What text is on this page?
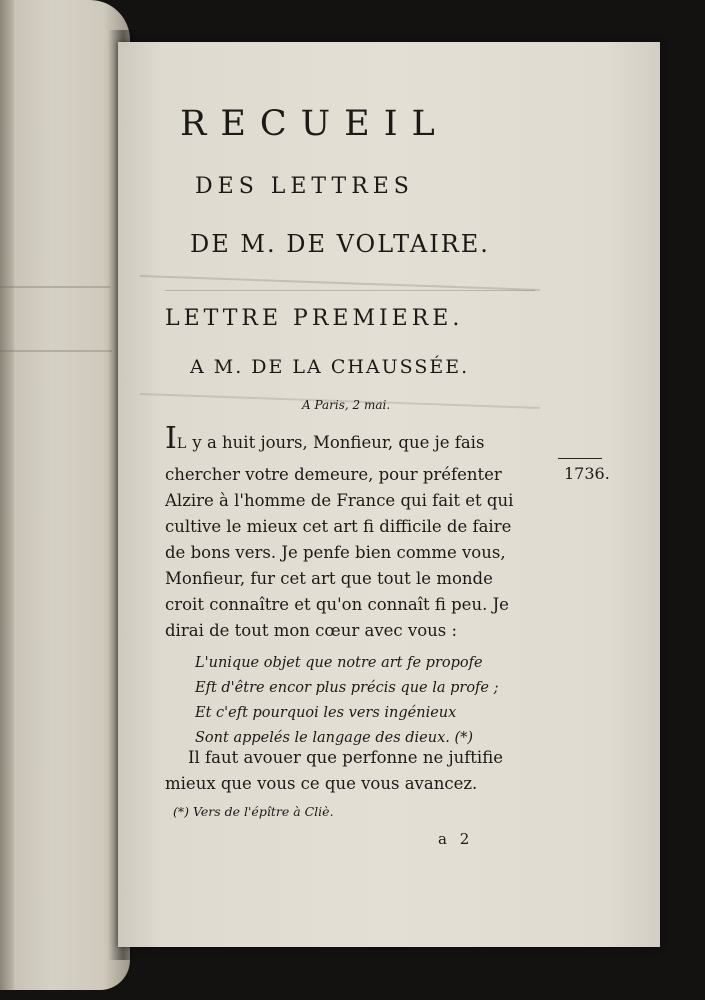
RECUEIL
DES LETTRES
DE M. DE VOLTAIRE.
LETTRE PREMIERE.
A M. DE LA CHAUSSÉE.
A Paris, 2 mai.
1736.
IL y a huit jours, Monfieur, que je fais
chercher votre demeure, pour préfenter
Alzire à l'homme de France qui fait et qui
cultive le mieux cet art fi difficile de faire
de bons vers. Je penfe bien comme vous,
Monfieur, fur cet art que tout le monde
croit connaître et qu'on connaît fi peu. Je
dirai de tout mon cœur avec vous :
L'unique objet que notre art fe propofe
Eft d'être encor plus précis que la profe ;
Et c'eft pourquoi les vers ingénieux
Sont appelés le langage des dieux. (*)
Il faut avouer que perfonne ne juftifie
mieux que vous ce que vous avancez.
(*) Vers de l'épître à Cliè.
a 2
